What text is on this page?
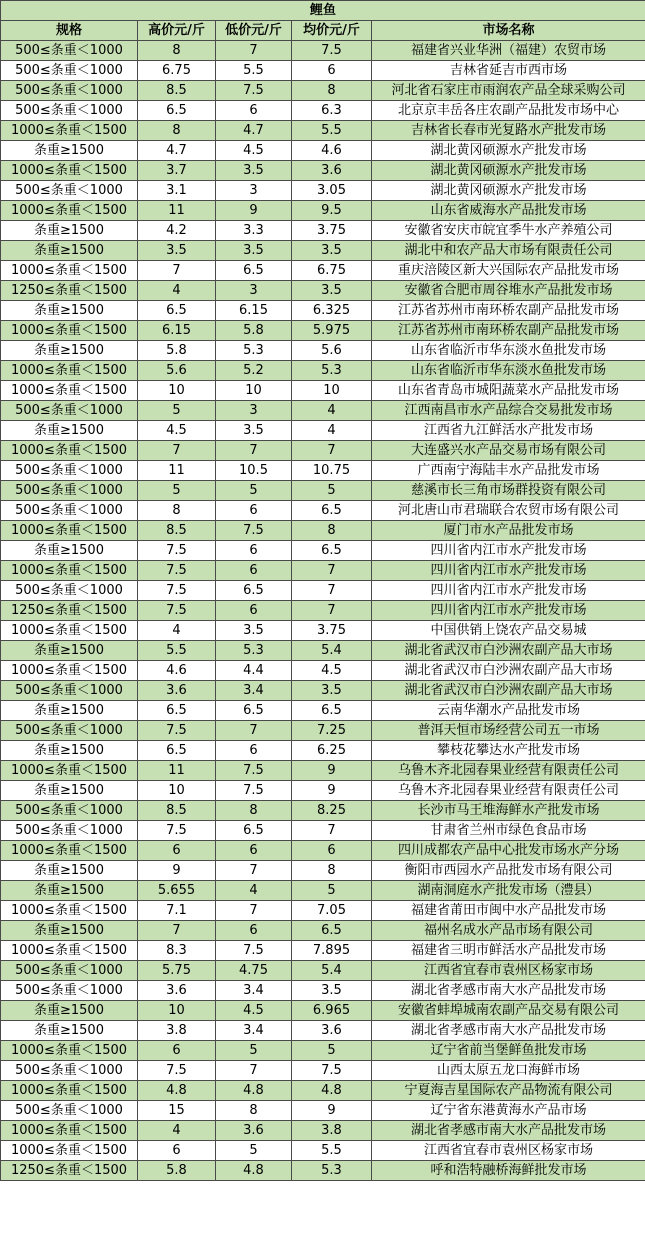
鲤鱼				
规格	高价元/斤	低价元/斤	均价元/斤	市场名称
500≤条重＜1000	8	7	7.5	福建省兴业华洲（福建）农贸市场
500≤条重＜1000	6.75	5.5	6	吉林省延吉市西市场
500≤条重＜1000	8.5	7.5	8	河北省石家庄市雨润农产品全球采购公司
500≤条重＜1000	6.5	6	6.3	北京京丰岳各庄农副产品批发市场中心
1000≤条重＜1500	8	4.7	5.5	吉林省长春市光复路水产批发市场
条重≥1500	4.7	4.5	4.6	湖北黄冈硕源水产批发市场
1000≤条重＜1500	3.7	3.5	3.6	湖北黄冈硕源水产批发市场
500≤条重＜1000	3.1	3	3.05	湖北黄冈硕源水产批发市场
1000≤条重＜1500	11	9	9.5	山东省威海水产品批发市场
条重≥1500	4.2	3.3	3.75	安徽省安庆市皖宜季牛水产养殖公司
条重≥1500	3.5	3.5	3.5	湖北中和农产品大市场有限责任公司
1000≤条重＜1500	7	6.5	6.75	重庆涪陵区新大兴国际农产品批发市场
1250≤条重＜1500	4	3	3.5	安徽省合肥市周谷堆水产品批发市场
条重≥1500	6.5	6.15	6.325	江苏省苏州市南环桥农副产品批发市场
1000≤条重＜1500	6.15	5.8	5.975	江苏省苏州市南环桥农副产品批发市场
条重≥1500	5.8	5.3	5.6	山东省临沂市华东淡水鱼批发市场
1000≤条重＜1500	5.6	5.2	5.3	山东省临沂市华东淡水鱼批发市场
1000≤条重＜1500	10	10	10	山东省青岛市城阳蔬菜水产品批发市场
500≤条重＜1000	5	3	4	江西南昌市水产品综合交易批发市场
条重≥1500	4.5	3.5	4	江西省九江鲜活水产批发市场
1000≤条重＜1500	7	7	7	大连盛兴水产品交易市场有限公司
500≤条重＜1000	11	10.5	10.75	广西南宁海陆丰水产品批发市场
500≤条重＜1000	5	5	5	慈溪市长三角市场群投资有限公司
500≤条重＜1000	8	6	6.5	河北唐山市君瑞联合农贸市场有限公司
1000≤条重＜1500	8.5	7.5	8	厦门市水产品批发市场
条重≥1500	7.5	6	6.5	四川省内江市水产批发市场
1000≤条重＜1500	7.5	6	7	四川省内江市水产批发市场
500≤条重＜1000	7.5	6.5	7	四川省内江市水产批发市场
1250≤条重＜1500	7.5	6	7	四川省内江市水产批发市场
1000≤条重＜1500	4	3.5	3.75	中国供销上饶农产品交易城
条重≥1500	5.5	5.3	5.4	湖北省武汉市白沙洲农副产品大市场
1000≤条重＜1500	4.6	4.4	4.5	湖北省武汉市白沙洲农副产品大市场
500≤条重＜1000	3.6	3.4	3.5	湖北省武汉市白沙洲农副产品大市场
条重≥1500	6.5	6.5	6.5	云南华潮水产品批发市场
500≤条重＜1000	7.5	7	7.25	普洱天恒市场经营公司五一市场
条重≥1500	6.5	6	6.25	攀枝花攀达水产批发市场
1000≤条重＜1500	11	7.5	9	乌鲁木齐北园春果业经营有限责任公司
条重≥1500	10	7.5	9	乌鲁木齐北园春果业经营有限责任公司
500≤条重＜1000	8.5	8	8.25	长沙市马王堆海鲜水产批发市场
500≤条重＜1000	7.5	6.5	7	甘肃省兰州市绿色食品市场
1000≤条重＜1500	6	6	6	四川成都农产品中心批发市场水产分场
条重≥1500	9	7	8	衡阳市西园水产品批发市场有限公司
条重≥1500	5.655	4	5	湖南洞庭水产批发市场（澧县）
1000≤条重＜1500	7.1	7	7.05	福建省莆田市闽中水产品批发市场
条重≥1500	7	6	6.5	福州名成水产品市场有限公司
1000≤条重＜1500	8.3	7.5	7.895	福建省三明市鲜活水产品批发市场
500≤条重＜1000	5.75	4.75	5.4	江西省宜春市袁州区杨家市场
500≤条重＜1000	3.6	3.4	3.5	湖北省孝感市南大水产品批发市场
条重≥1500	10	4.5	6.965	安徽省蚌埠城南农副产品交易有限公司
条重≥1500	3.8	3.4	3.6	湖北省孝感市南大水产品批发市场
1000≤条重＜1500	6	5	5	辽宁省前当堡鲜鱼批发市场
500≤条重＜1000	7.5	7	7.5	山西太原五龙口海鲜市场
1000≤条重＜1500	4.8	4.8	4.8	宁夏海吉星国际农产品物流有限公司
500≤条重＜1000	15	8	9	辽宁省东港黄海水产品市场
1000≤条重＜1500	4	3.6	3.8	湖北省孝感市南大水产品批发市场
1000≤条重＜1500	6	5	5.5	江西省宜春市袁州区杨家市场
1250≤条重＜1500	5.8	4.8	5.3	呼和浩特融桥海鲜批发市场
